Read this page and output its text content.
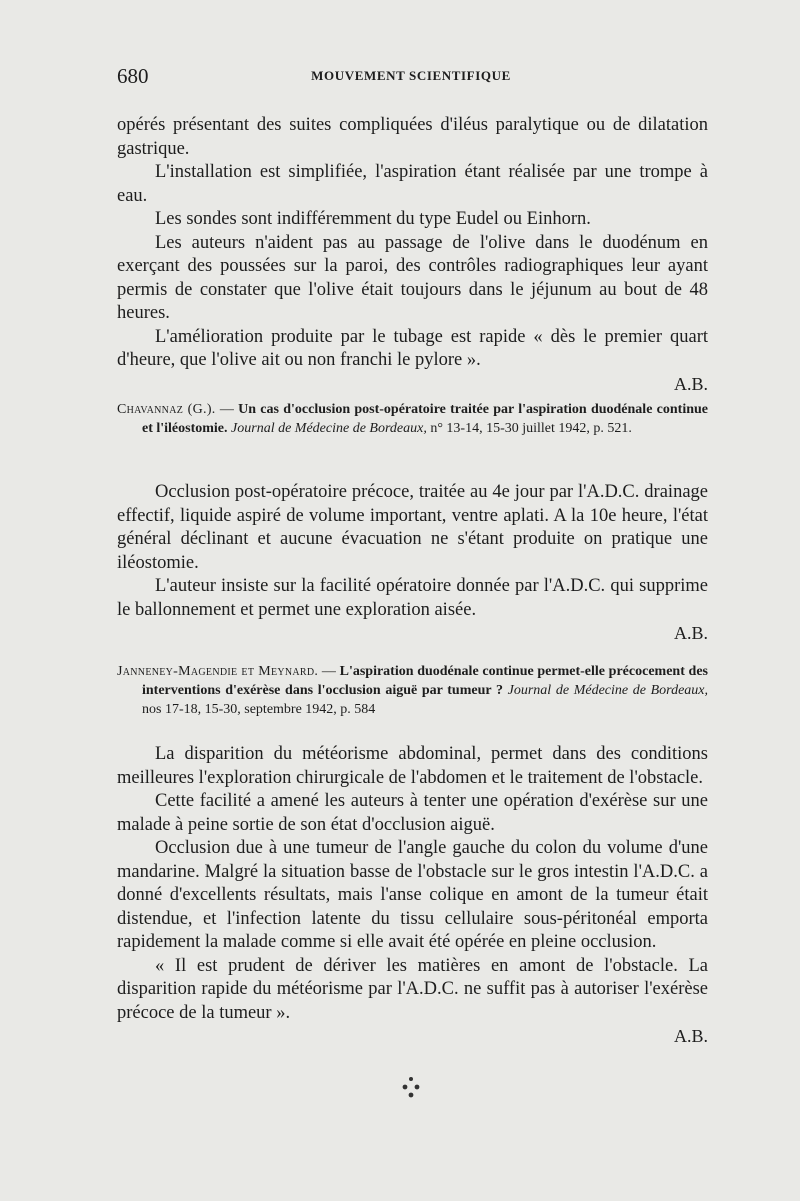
680	MOUVEMENT SCIENTIFIQUE

opérés présentant des suites compliquées d'iléus paralytique ou de dilatation gastrique.

L'installation est simplifiée, l'aspiration étant réalisée par une trompe à eau.

Les sondes sont indifféremment du type Eudel ou Einhorn.

Les auteurs n'aident pas au passage de l'olive dans le duodénum en exerçant des poussées sur la paroi, des contrôles radiographiques leur ayant permis de constater que l'olive était toujours dans le jéjunum au bout de 48 heures.

L'amélioration produite par le tubage est rapide « dès le premier quart d'heure, que l'olive ait ou non franchi le pylore ».

A.B.

Chavannaz (G.). — Un cas d'occlusion post-opératoire traitée par l'aspiration duodénale continue et l'iléostomie. Journal de Médecine de Bordeaux, n° 13-14, 15-30 juillet 1942, p. 521.

Occlusion post-opératoire précoce, traitée au 4e jour par l'A.D.C. drainage effectif, liquide aspiré de volume important, ventre aplati. A la 10e heure, l'état général déclinant et aucune évacuation ne s'étant produite on pratique une iléostomie.

L'auteur insiste sur la facilité opératoire donnée par l'A.D.C. qui supprime le ballonnement et permet une exploration aisée.

A.B.

Janneney-Magendie et Meynard. — L'aspiration duodénale continue permet-elle précocement des interventions d'exérèse dans l'occlusion aiguë par tumeur ? Journal de Médecine de Bordeaux, nos 17-18, 15-30, septembre 1942, p. 584

La disparition du météorisme abdominal, permet dans des conditions meilleures l'exploration chirurgicale de l'abdomen et le traitement de l'obstacle.

Cette facilité a amené les auteurs à tenter une opération d'exérèse sur une malade à peine sortie de son état d'occlusion aiguë.

Occlusion due à une tumeur de l'angle gauche du colon du volume d'une mandarine. Malgré la situation basse de l'obstacle sur le gros intestin l'A.D.C. a donné d'excellents résultats, mais l'anse colique en amont de la tumeur était distendue, et l'infection latente du tissu cellulaire sous-péritonéal emporta rapidement la malade comme si elle avait été opérée en pleine occlusion.

« Il est prudent de dériver les matières en amont de l'obstacle. La disparition rapide du météorisme par l'A.D.C. ne suffit pas à autoriser l'exérèse précoce de la tumeur ».

A.B.
